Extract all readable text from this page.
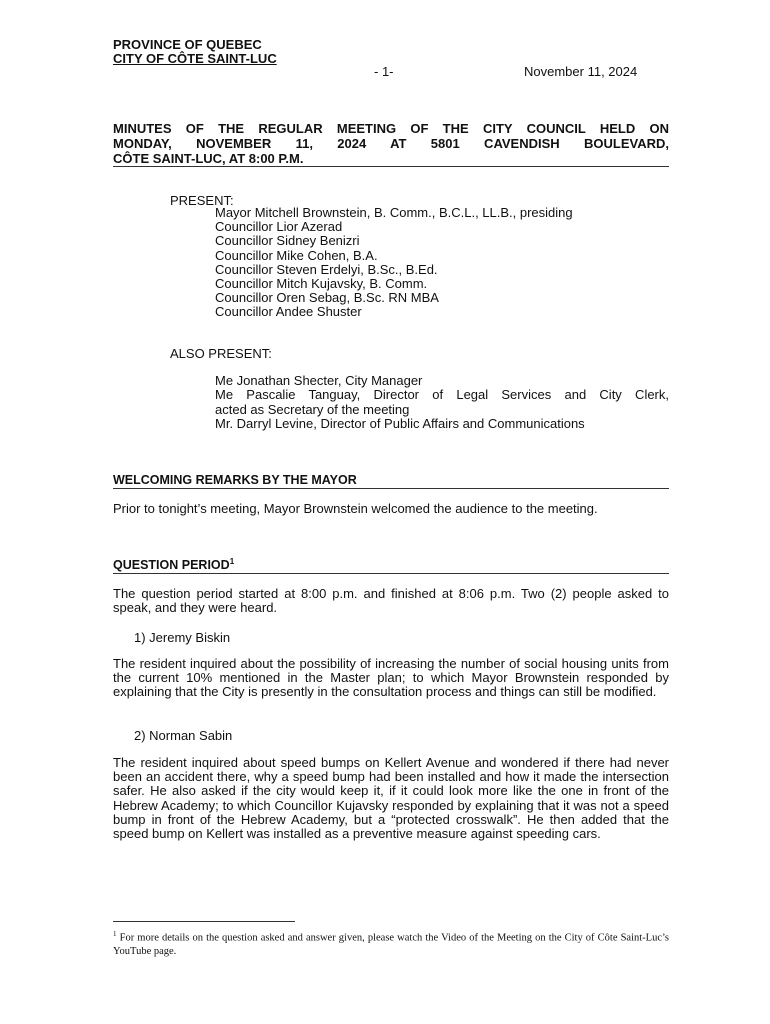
PROVINCE OF QUEBEC
CITY OF CÔTE SAINT-LUC
- 1-	November 11, 2024
MINUTES OF THE REGULAR MEETING OF THE CITY COUNCIL HELD ON
MONDAY, NOVEMBER 11, 2024 AT 5801 CAVENDISH BOULEVARD,
CÔTE SAINT-LUC, AT 8:00 P.M.
PRESENT:
Mayor Mitchell Brownstein, B. Comm., B.C.L., LL.B., presiding
Councillor Lior Azerad
Councillor Sidney Benizri
Councillor Mike Cohen, B.A.
Councillor Steven Erdelyi, B.Sc., B.Ed.
Councillor Mitch Kujavsky, B. Comm.
Councillor Oren Sebag, B.Sc. RN MBA
Councillor Andee Shuster
ALSO PRESENT:
Me Jonathan Shecter, City Manager
Me Pascalie Tanguay, Director of Legal Services and City Clerk,
acted as Secretary of the meeting
Mr. Darryl Levine, Director of Public Affairs and Communications
WELCOMING REMARKS BY THE MAYOR
Prior to tonight’s meeting, Mayor Brownstein welcomed the audience to the meeting.
QUESTION PERIOD$^1$
The question period started at 8:00 p.m. and finished at 8:06 p.m. Two (2) people asked to speak, and they were heard.
1) Jeremy Biskin
The resident inquired about the possibility of increasing the number of social housing units from the current 10% mentioned in the Master plan; to which Mayor Brownstein responded by explaining that the City is presently in the consultation process and things can still be modified.
2) Norman Sabin
The resident inquired about speed bumps on Kellert Avenue and wondered if there had never been an accident there, why a speed bump had been installed and how it made the intersection safer. He also asked if the city would keep it, if it could look more like the one in front of the Hebrew Academy; to which Councillor Kujavsky responded by explaining that it was not a speed bump in front of the Hebrew Academy, but a “protected crosswalk”. He then added that the speed bump on Kellert was installed as a preventive measure against speeding cars.
$^1$ For more details on the question asked and answer given, please watch the Video of the Meeting on the City of Côte Saint-Luc’s YouTube page.
